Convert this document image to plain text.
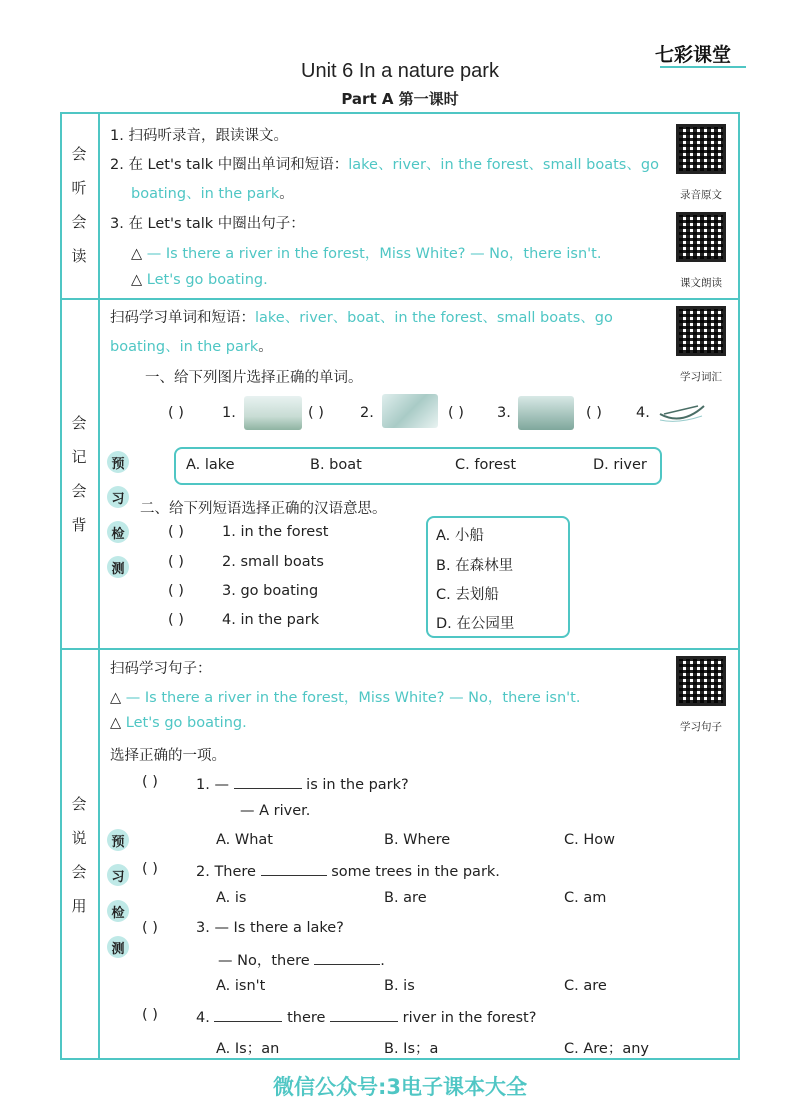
七彩课堂
Unit 6 In a nature park
Part A 第一课时
会
听
会
读
1. 扫码听录音，跟读课文。
2. 在 Let's talk 中圈出单词和短语：lake、river、in the forest、small boats、go
boating、in the park。
3. 在 Let's talk 中圈出句子：
△ — Is there a river in the forest，Miss White? — No，there isn't.
△ Let's go boating.
录音原文
课文朗读
会
记
会
背
扫码学习单词和短语：lake、river、boat、in the forest、small boats、go
boating、in the park。
学习词汇
一、给下列图片选择正确的单词。
( )	1.	( ) 2.	( ) 3.	( ) 4.
A. lake	B. boat	C. forest	D. river
预
习
检
测
二、给下列短语选择正确的汉语意思。
( )	1. in the forest
( )	2. small boats
( )	3. go boating
( )	4. in the park
A. 小船
B. 在森林里
C. 去划船
D. 在公园里
会
说
会
用
扫码学习句子：
△ — Is there a river in the forest，Miss White? — No，there isn't.
△ Let's go boating.	学习句子
选择正确的一项。
预
习
检
测
( )	1. —	is in the park?
— A river.
A. What	B. Where	C. How
( )	2. There	some trees in the park.
A. is	B. are	C. am
( )	3. — Is there a lake?
— No，there	.
A. isn't	B. is	C. are
( )	4.	there	river in the forest?
A. Is；an	B. Is；a	C. Are；any
微信公众号:3电子课本大全
